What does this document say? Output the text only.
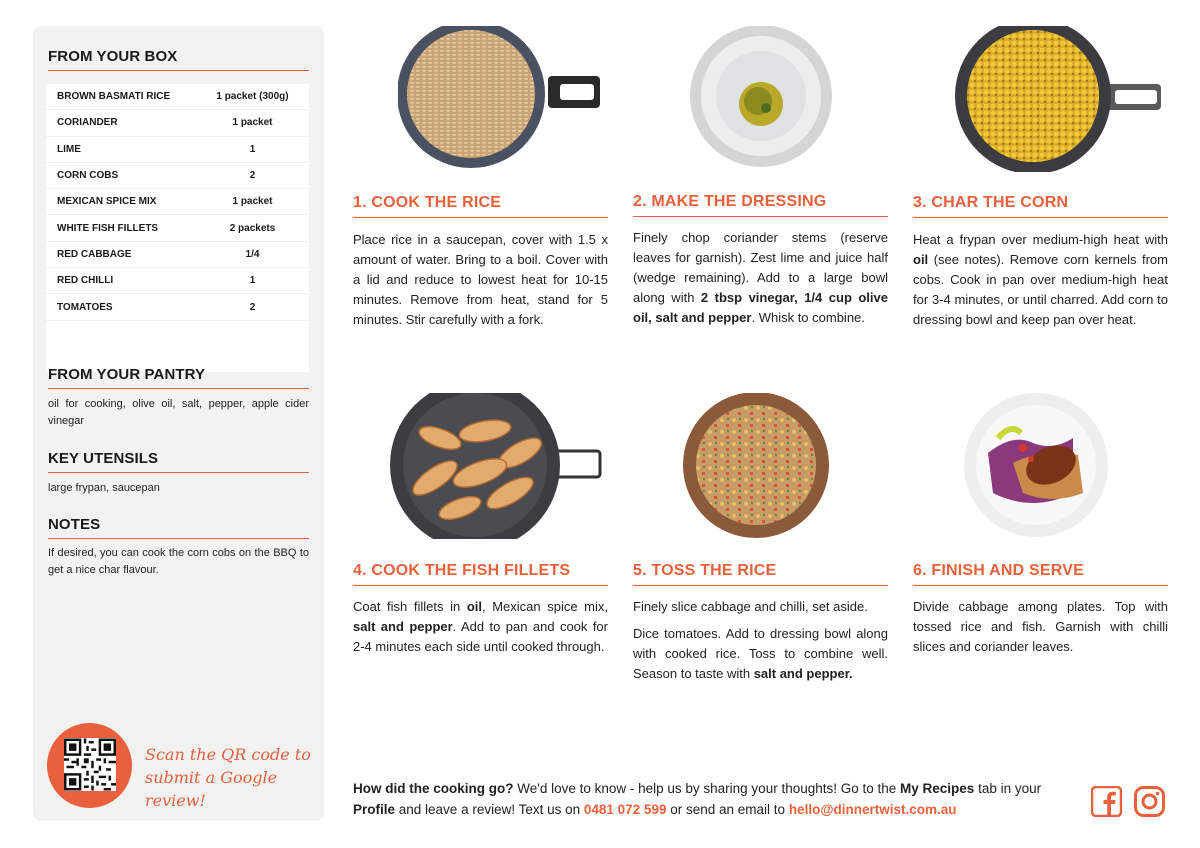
FROM YOUR BOX
BROWN BASMATI RICE	1 packet (300g)
CORIANDER	1 packet
LIME	1
CORN COBS	2
MEXICAN SPICE MIX	1 packet
WHITE FISH FILLETS	2 packets
RED CABBAGE	1/4
RED CHILLI	1
TOMATOES	2
FROM YOUR PANTRY
oil for cooking, olive oil, salt, pepper, apple cider vinegar
KEY UTENSILS
large frypan, saucepan
NOTES
If desired, you can cook the corn cobs on the BBQ to get a nice char flavour.
Scan the QR code to
submit a Google review!
1. COOK THE RICE

Place rice in a saucepan, cover with 1.5 x amount of water. Bring to a boil. Cover with a lid and reduce to lowest heat for 10-15 minutes. Remove from heat, stand for 5 minutes. Stir carefully with a fork.

2. MAKE THE DRESSING

Finely chop coriander stems (reserve leaves for garnish). Zest lime and juice half (wedge remaining). Add to a large bowl along with 2 tbsp vinegar, 1/4 cup olive oil, salt and pepper. Whisk to combine.

3. CHAR THE CORN

Heat a frypan over medium-high heat with oil (see notes). Remove corn kernels from cobs. Cook in pan over medium-high heat for 3-4 minutes, or until charred. Add corn to dressing bowl and keep pan over heat.

4. COOK THE FISH FILLETS

Coat fish fillets in oil, Mexican spice mix, salt and pepper. Add to pan and cook for 2-4 minutes each side until cooked through.

5. TOSS THE RICE

Finely slice cabbage and chilli, set aside.

Dice tomatoes. Add to dressing bowl along with cooked rice. Toss to combine well. Season to taste with salt and pepper.

6. FINISH AND SERVE

Divide cabbage among plates. Top with tossed rice and fish. Garnish with chilli slices and coriander leaves.

How did the cooking go? We'd love to know - help us by sharing your thoughts! Go to the My Recipes tab in your Profile and leave a review! Text us on 0481 072 599 or send an email to hello@dinnertwist.com.au
